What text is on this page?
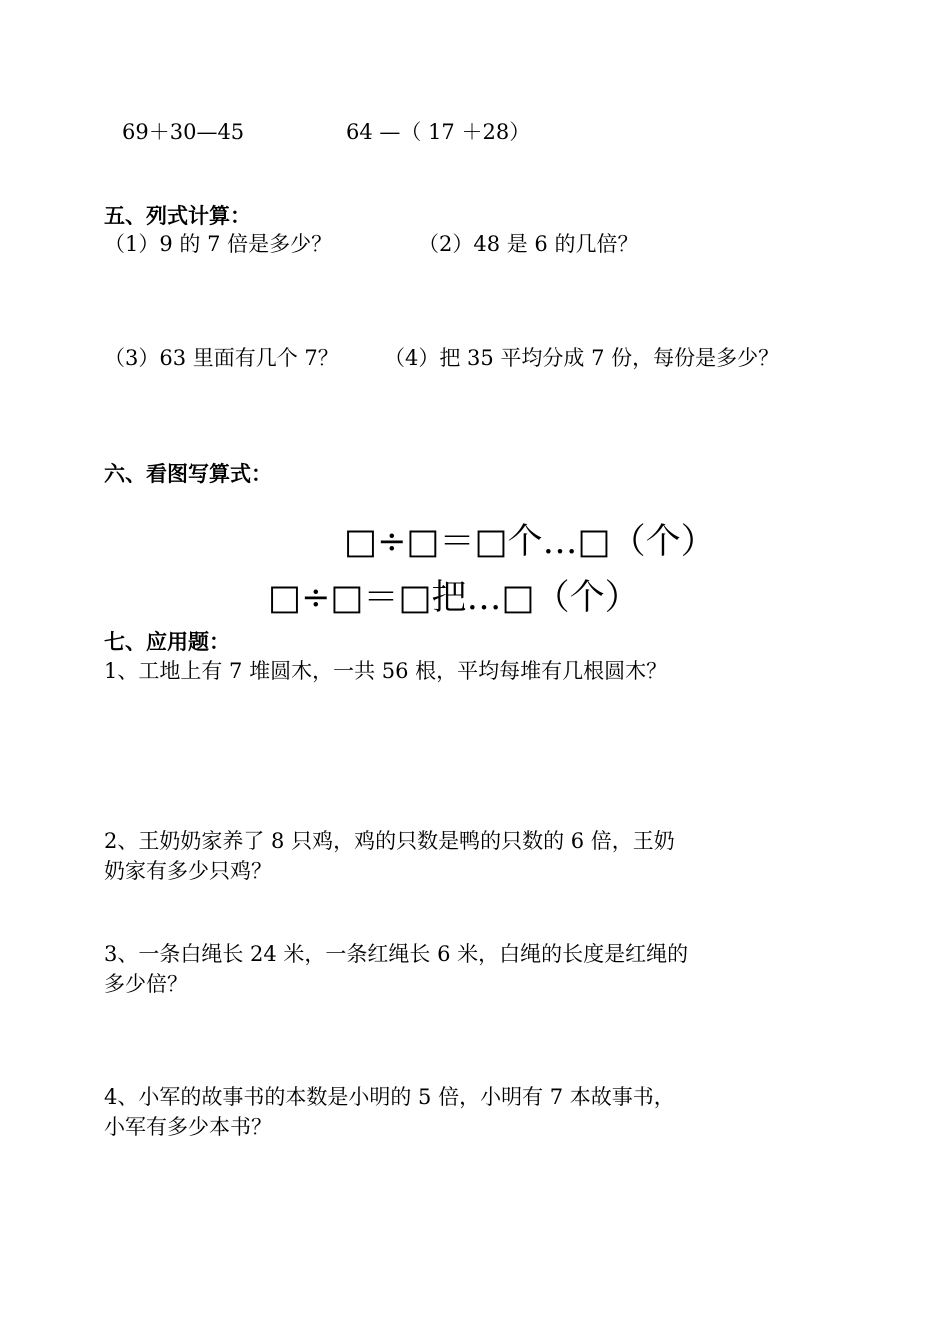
69＋30—45	64 —（ 17 ＋28）

五、列式计算：

（1）9 的 7 倍是多少？	（2）48 是 6 的几倍？

（3）63 里面有几个 7？ （4）把 35 平均分成 7 份，每份是多少？

六、看图写算式：

□÷□＝□个…□（个）

□÷□＝□把…□（个）

七、应用题：

1、工地上有 7 堆圆木，一共 56 根，平均每堆有几根圆木？

2、王奶奶家养了 8 只鸡，鸡的只数是鸭的只数的 6 倍，王奶

奶家有多少只鸡？

3、一条白绳长 24 米，一条红绳长 6 米，白绳的长度是红绳的

多少倍？

4、小军的故事书的本数是小明的 5 倍，小明有 7 本故事书，

小军有多少本书？
